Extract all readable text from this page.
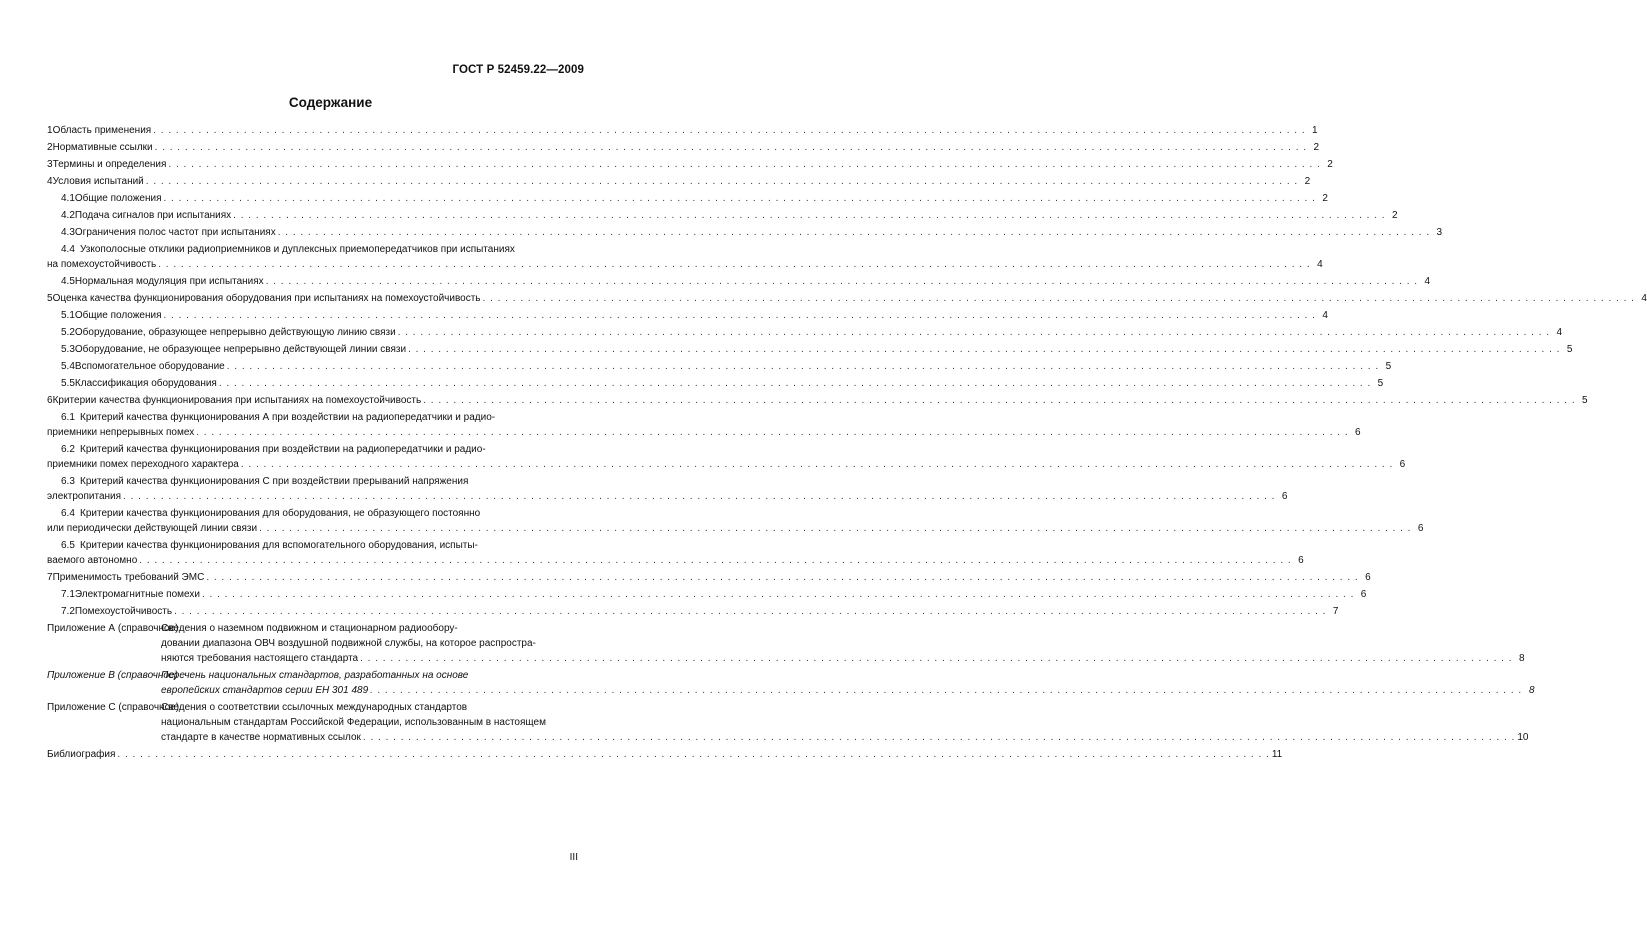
ГОСТ Р 52459.22—2009
Содержание
1 Область применения . . .	1
2 Нормативные ссылки . . .	2
3 Термины и определения . . .	2
4 Условия испытаний . . .	2
4.1 Общие положения . . .	2
4.2 Подача сигналов при испытаниях . . .	2
4.3 Ограничения полос частот при испытаниях . . .	3
4.4 Узкополосные отклики радиоприемников и дуплексных приемопередатчиков при испытаниях
на помехоустойчивость . . .	4
4.5 Нормальная модуляция при испытаниях . . .	4
5 Оценка качества функционирования оборудования при испытаниях на помехоустойчивость . . .	4
5.1 Общие положения . . .	4
5.2 Оборудование, образующее непрерывно действующую линию связи . . .	4
5.3 Оборудование, не образующее непрерывно действующей линии связи . . .	5
5.4 Вспомогательное оборудование . . .	5
5.5 Классификация оборудования . . .	5
6 Критерии качества функционирования при испытаниях на помехоустойчивость . . .	5
6.1 Критерий качества функционирования А при воздействии на радиопередатчики и радио-
приемники непрерывных помех . . .	6
6.2 Критерий качества функционирования при воздействии на радиопередатчики и радио-
приемники помех переходного характера . . .	6
6.3 Критерий качества функционирования С при воздействии прерываний напряжения
электропитания . . .	6
6.4 Критерии качества функционирования для оборудования, не образующего постоянно
или периодически действующей линии связи . . .	6
6.5 Критерии качества функционирования для вспомогательного оборудования, испыты-
ваемого автономно . . .	6
7 Применимость требований ЭМС . . .	6
7.1 Электромагнитные помехи . . .	6
7.2 Помехоустойчивость . . .	7
Приложение А (справочное)
Сведения о наземном подвижном и стационарном радиообору-
довании диапазона ОВЧ воздушной подвижной службы, на которое распростра-
няются требования настоящего стандарта . . .	8
Приложение В (справочное)
Перечень национальных стандартов, разработанных на основе
европейских стандартов серии ЕН 301 489 . . .	8
Приложение С (справочное)
Сведения о соответствии ссылочных международных стандартов
национальным стандартам Российской Федерации, использованным в настоящем
стандарте в качестве нормативных ссылок . . .	10
Библиография . . .	11
III
